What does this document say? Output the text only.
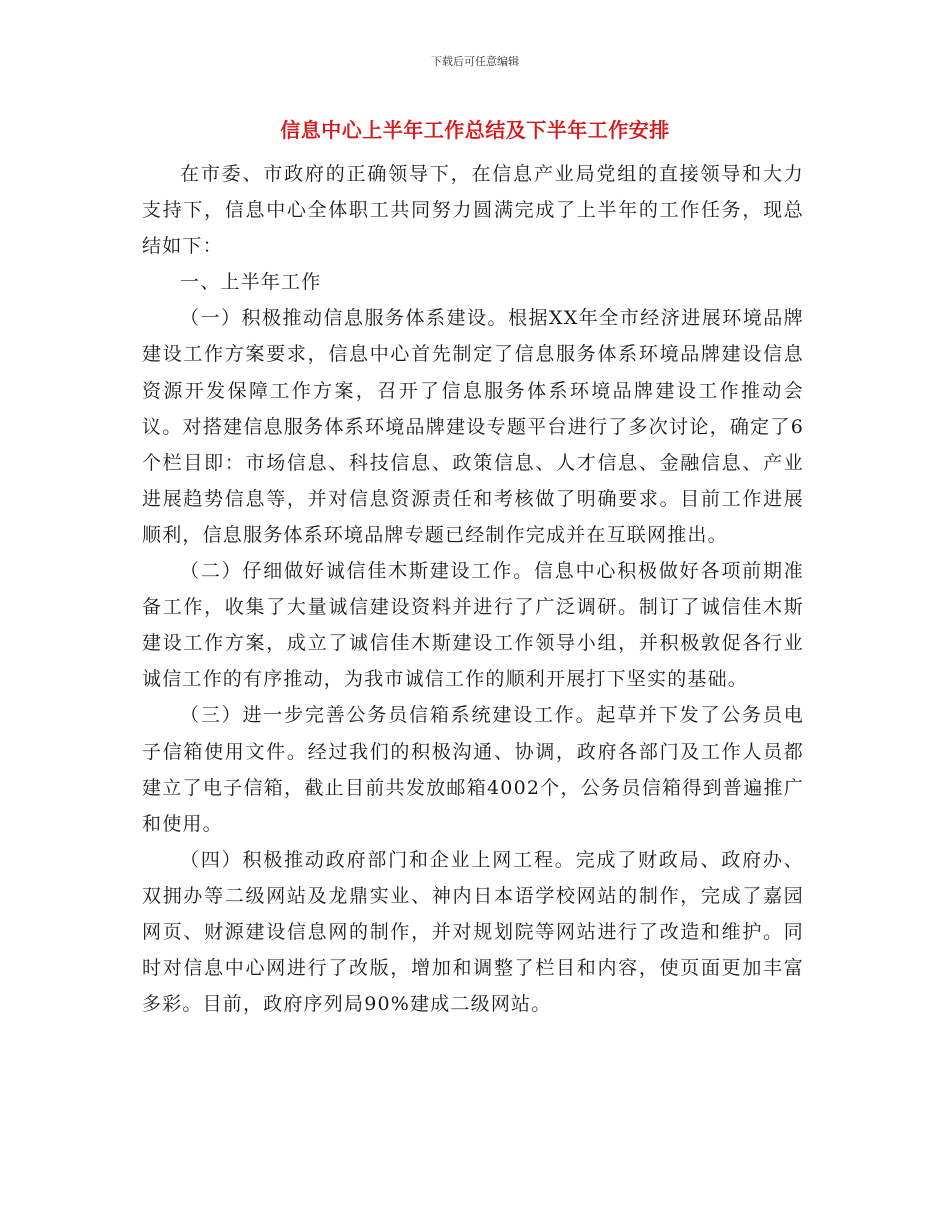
下载后可任意编辑
信息中心上半年工作总结及下半年工作安排

在市委、市政府的正确领导下，在信息产业局党组的直接领导和大力支持下，信息中心全体职工共同努力圆满完成了上半年的工作任务，现总结如下：

一、上半年工作

（一）积极推动信息服务体系建设。根据XX年全市经济进展环境品牌建设工作方案要求，信息中心首先制定了信息服务体系环境品牌建设信息资源开发保障工作方案，召开了信息服务体系环境品牌建设工作推动会议。对搭建信息服务体系环境品牌建设专题平台进行了多次讨论，确定了6个栏目即：市场信息、科技信息、政策信息、人才信息、金融信息、产业进展趋势信息等，并对信息资源责任和考核做了明确要求。目前工作进展顺利，信息服务体系环境品牌专题已经制作完成并在互联网推出。

（二）仔细做好诚信佳木斯建设工作。信息中心积极做好各项前期准备工作，收集了大量诚信建设资料并进行了广泛调研。制订了诚信佳木斯建设工作方案，成立了诚信佳木斯建设工作领导小组，并积极敦促各行业诚信工作的有序推动，为我市诚信工作的顺利开展打下坚实的基础。

（三）进一步完善公务员信箱系统建设工作。起草并下发了公务员电子信箱使用文件。经过我们的积极沟通、协调，政府各部门及工作人员都建立了电子信箱，截止目前共发放邮箱4002个，公务员信箱得到普遍推广和使用。

（四）积极推动政府部门和企业上网工程。完成了财政局、政府办、双拥办等二级网站及龙鼎实业、神内日本语学校网站的制作，完成了嘉园网页、财源建设信息网的制作，并对规划院等网站进行了改造和维护。同时对信息中心网进行了改版，增加和调整了栏目和内容，使页面更加丰富多彩。目前，政府序列局90%建成二级网站。
